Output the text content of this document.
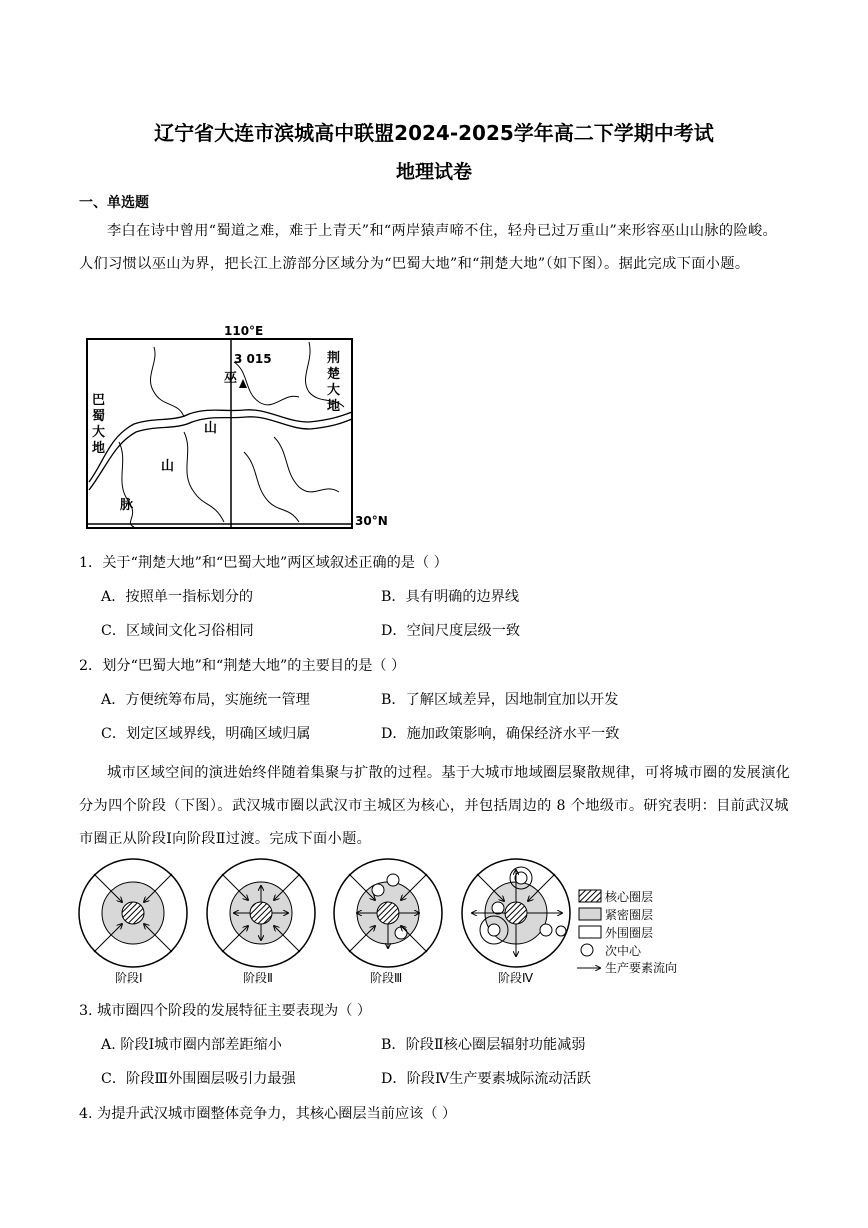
辽宁省大连市滨城高中联盟2024-2025学年高二下学期中考试
地理试卷
一、单选题
李白在诗中曾用“蜀道之难，难于上青天”和“两岸猿声啼不住，轻舟已过万重山”来形容巫山山脉的险峻。人们习惯以巫山为界，把长江上游部分区域分为“巴蜀大地”和“荆楚大地”（如下图）。据此完成下面小题。
110°E
30°N
3 015
巫
山
山
脉
巴
蜀
大
地
荆
楚
大
地
1．关于“荆楚大地”和“巴蜀大地”两区域叙述正确的是（ ）
A．按照单一指标划分的	B．具有明确的边界线
C．区域间文化习俗相同	D．空间尺度层级一致
2．划分“巴蜀大地”和“荆楚大地”的主要目的是（ ）
A．方便统筹布局，实施统一管理	B．了解区域差异，因地制宜加以开发
C．划定区域界线，明确区域归属	D．施加政策影响，确保经济水平一致
城市区域空间的演进始终伴随着集聚与扩散的过程。基于大城市地域圈层聚散规律，可将城市圈的发展演化分为四个阶段（下图）。武汉城市圈以武汉市主城区为核心，并包括周边的 8 个地级市。研究表明：目前武汉城市圈正从阶段Ⅰ向阶段Ⅱ过渡。完成下面小题。
阶段Ⅰ	阶段Ⅱ	阶段Ⅲ	阶段Ⅳ
核心圈层
紧密圈层
外围圈层
次中心
生产要素流向
3. 城市圈四个阶段的发展特征主要表现为（ ）
A. 阶段Ⅰ城市圈内部差距缩小	B．阶段Ⅱ核心圈层辐射功能减弱
C．阶段Ⅲ外围圈层吸引力最强	D．阶段Ⅳ生产要素城际流动活跃
4. 为提升武汉城市圈整体竞争力，其核心圈层当前应该（ ）
